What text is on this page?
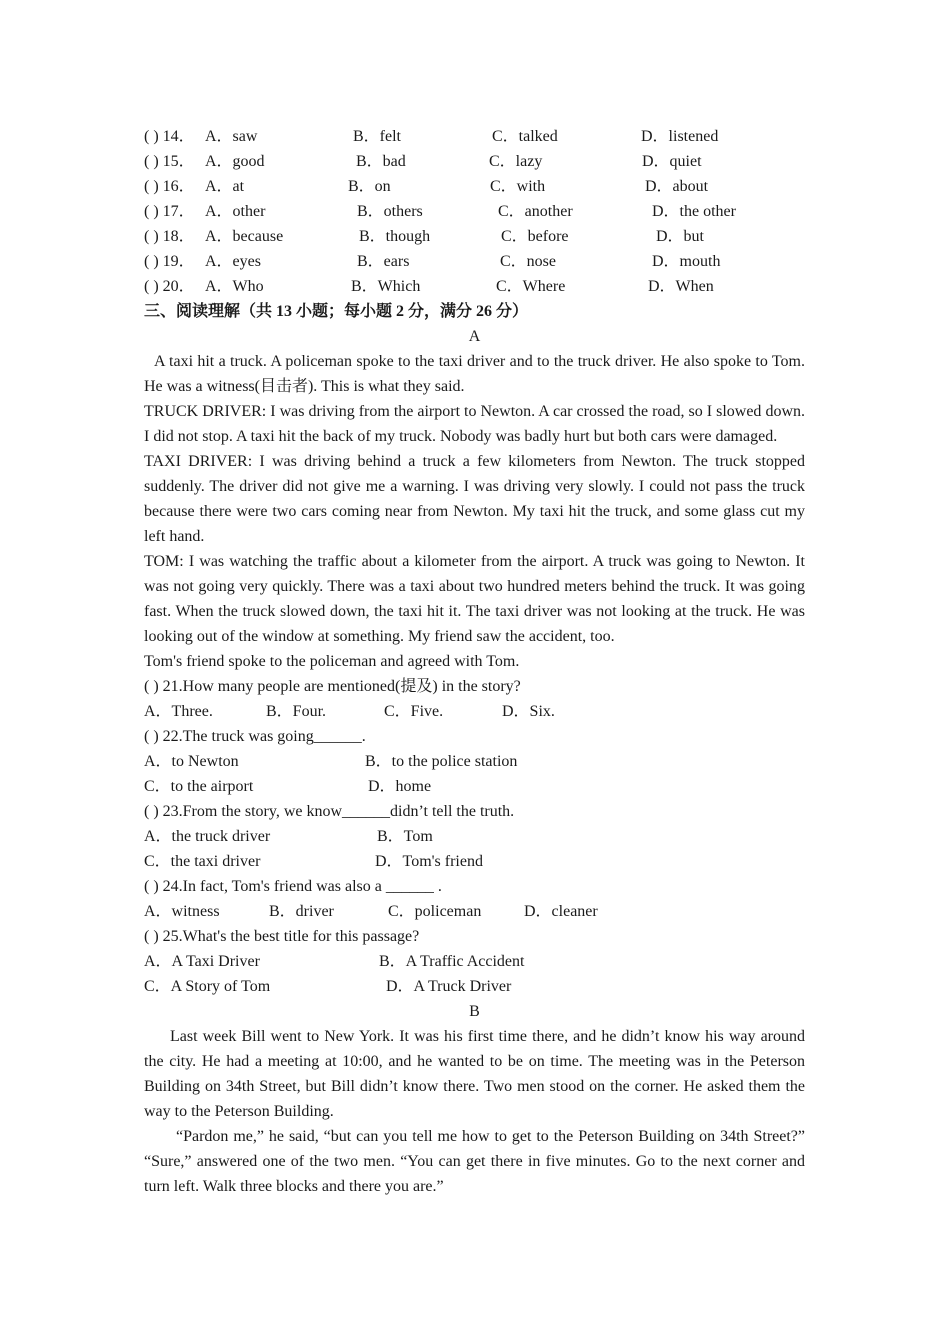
( ) 14． A．saw	B．felt	C．talked	D．listened
( ) 15． A．good	B．bad	C．lazy	D．quiet
( ) 16． A．at	B．on	C．with	D．about
( ) 17． A．other	B．others	C．another	D．the other
( ) 18． A．because	B．though	C．before	D．but
( ) 19． A．eyes	B．ears	C．nose	D．mouth
( ) 20． A．Who	B．Which	C．Where	D．When
三、阅读理解（共 13 小题；每小题 2 分，满分 26 分）
A
A taxi hit a truck. A policeman spoke to the taxi driver and to the truck driver. He also spoke to Tom. He was a witness(目击者). This is what they said.
TRUCK DRIVER: I was driving from the airport to Newton. A car crossed the road, so I slowed down. I did not stop. A taxi hit the back of my truck. Nobody was badly hurt but both cars were damaged.
TAXI DRIVER: I was driving behind a truck a few kilometers from Newton. The truck stopped suddenly. The driver did not give me a warning. I was driving very slowly. I could not pass the truck because there were two cars coming near from Newton. My taxi hit the truck, and some glass cut my left hand.
TOM: I was watching the traffic about a kilometer from the airport. A truck was going to Newton. It was not going very quickly. There was a taxi about two hundred meters behind the truck. It was going fast. When the truck slowed down, the taxi hit it. The taxi driver was not looking at the truck. He was looking out of the window at something. My friend saw the accident, too.
Tom's friend spoke to the policeman and agreed with Tom.
( ) 21.How many people are mentioned(提及) in the story?
A．Three.	B．Four.	C．Five.	D．Six.
( ) 22.The truck was going______.
A．to Newton	B．to the police station
C．to the airport	D．home
( ) 23.From the story, we know______didn’t tell the truth.
A．the truck driver	B．Tom
C．the taxi driver	D．Tom's friend
( ) 24.In fact, Tom's friend was also a ______ .
A．witness	B．driver	C．policeman	D．cleaner
( ) 25.What's the best title for this passage?
A．A Taxi Driver	B．A Traffic Accident
C．A Story of Tom	D．A Truck Driver
B
Last week Bill went to New York. It was his first time there, and he didn’t know his way around the city. He had a meeting at 10:00, and he wanted to be on time. The meeting was in the Peterson Building on 34th Street, but Bill didn’t know there. Two men stood on the corner. He asked them the way to the Peterson Building.
“Pardon me,” he said, “but can you tell me how to get to the Peterson Building on 34th Street?” “Sure,” answered one of the two men. “You can get there in five minutes. Go to the next corner and turn left. Walk three blocks and there you are.”
